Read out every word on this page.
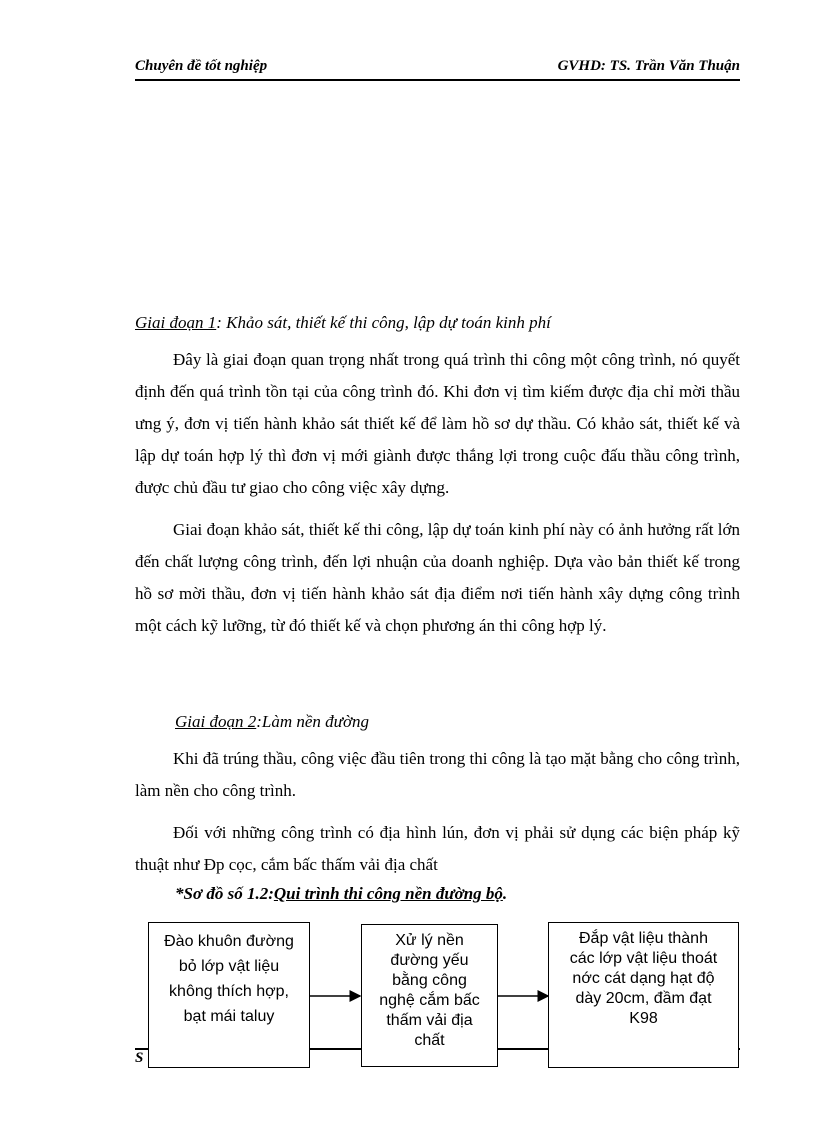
Chuyên đề tốt nghiệp	GVHD: TS. Trần Văn Thuận
Giai đoạn 1: Khảo sát, thiết kế thi công, lập dự toán kinh phí

Đây là giai đoạn quan trọng nhất trong quá trình thi công một công trình, nó quyết định đến quá trình tồn tại của công trình đó. Khi đơn vị tìm kiếm được địa chỉ mời thầu ưng ý, đơn vị tiến hành khảo sát thiết kế để làm hồ sơ dự thầu. Có khảo sát, thiết kế và lập dự toán hợp lý thì đơn vị mới giành được thắng lợi trong cuộc đấu thầu công trình, được chủ đầu tư giao cho công việc xây dựng.

Giai đoạn khảo sát, thiết kế thi công, lập dự toán kinh phí này có ảnh hưởng rất lớn đến chất lượng công trình, đến lợi nhuận của doanh nghiệp. Dựa vào bản thiết kế trong hồ sơ mời thầu, đơn vị tiến hành khảo sát địa điểm nơi tiến hành xây dựng công trình một cách kỹ lưỡng, từ đó thiết kế và chọn phương án thi công hợp lý.

Giai đoạn 2:Làm nền đường

Khi đã trúng thầu, công việc đầu tiên trong thi công là tạo mặt bằng cho công trình, làm nền cho công trình.

Đối với những công trình có địa hình lún, đơn vị phải sử dụng các biện pháp kỹ thuật như Đp cọc, cắm bấc thấm vải địa chất

*Sơ đồ số 1.2:Qui trình thi công nền đường bộ.
S
Đào khuôn đường
bỏ lớp vật liệu
không thích hợp,
bạt mái taluy
Xử lý nền
đường yếu
bằng công
nghệ cắm bấc
thấm vải địa
chất
Đắp vật liệu thành
các lớp vật liệu thoát
nớc cát dạng hạt độ
dày 20cm, đầm đạt
K98
